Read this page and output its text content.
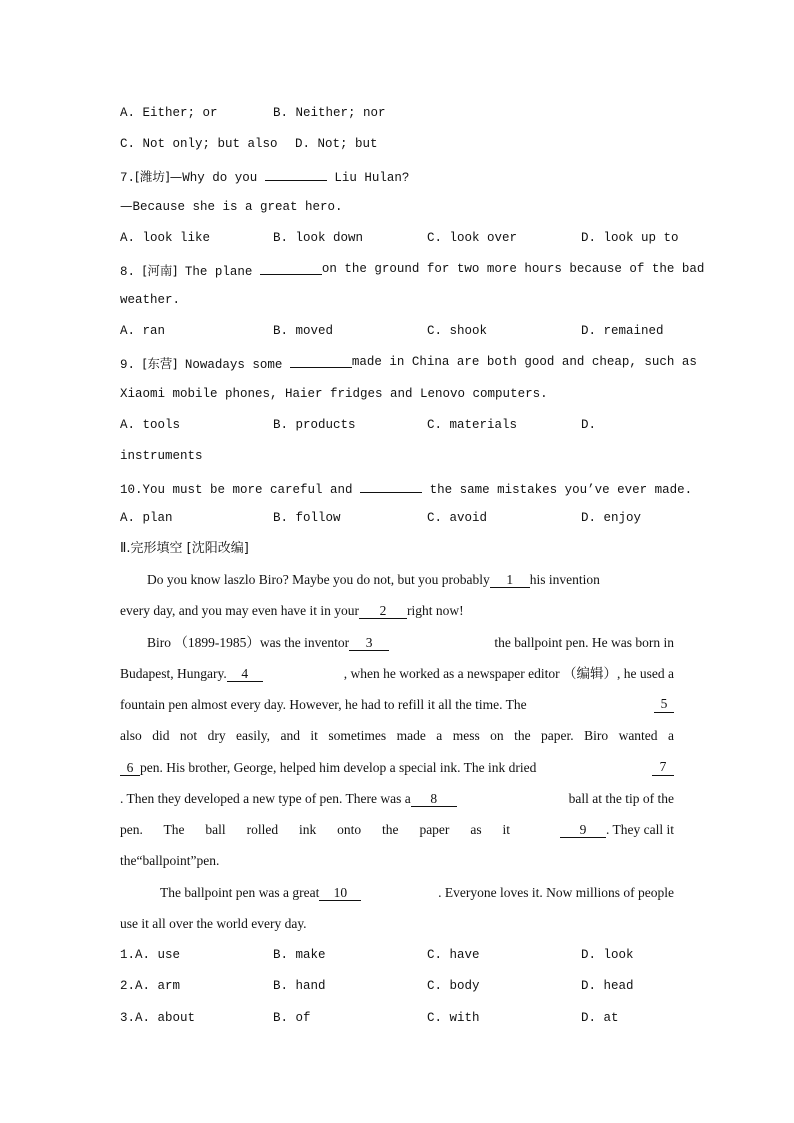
A. Either; or	B. Neither; nor
C. Not only; but also D. Not; but
7.[潍坊]—Why do you	Liu Hulan?
—Because she is a great hero.
A. look like	B. look down	C. look over	D. look up to
8. [河南] The plane	on the ground for two more hours because of the bad
weather.
A. ran	B. moved	C. shook	D. remained
9. [东营] Nowadays some	made in China are both good and cheap, such as
Xiaomi mobile phones, Haier fridges and Lenovo computers.
A. tools	B. products	C. materials	D.
instruments
10.You must be more careful and	the same mistakes you’ve ever made.
A. plan	B. follow	C. avoid	D. enjoy
Ⅱ.完形填空 [沈阳改编]
Do you know laszlo Biro? Maybe you do not, but you probably 1 his invention
every day, and you may even have it in your 2 right now!
Biro （1899-1985）was the inventor 3	the ballpoint pen. He was born in
Budapest, Hungary. 4	, when he worked as a newspaper editor （编辑）, he used a
fountain pen almost every day. However, he had to refill it all the time. The	5
also did not dry easily, and it sometimes made a mess on the paper. Biro wanted a
6 pen. His brother, George, helped him develop a special ink. The ink dried	7
. Then they developed a new type of pen. There was a 8	ball at the tip of the
pen. The ball rolled ink onto the paper as it	9 . They call it
the“ballpoint”pen.
The ballpoint pen was a great 10	. Everyone loves it. Now millions of people
use it all over the world every day.
1.A. use	B. make	C. have	D. look
2.A. arm	B. hand	C. body	D. head
3.A. about	B. of	C. with	D. at
